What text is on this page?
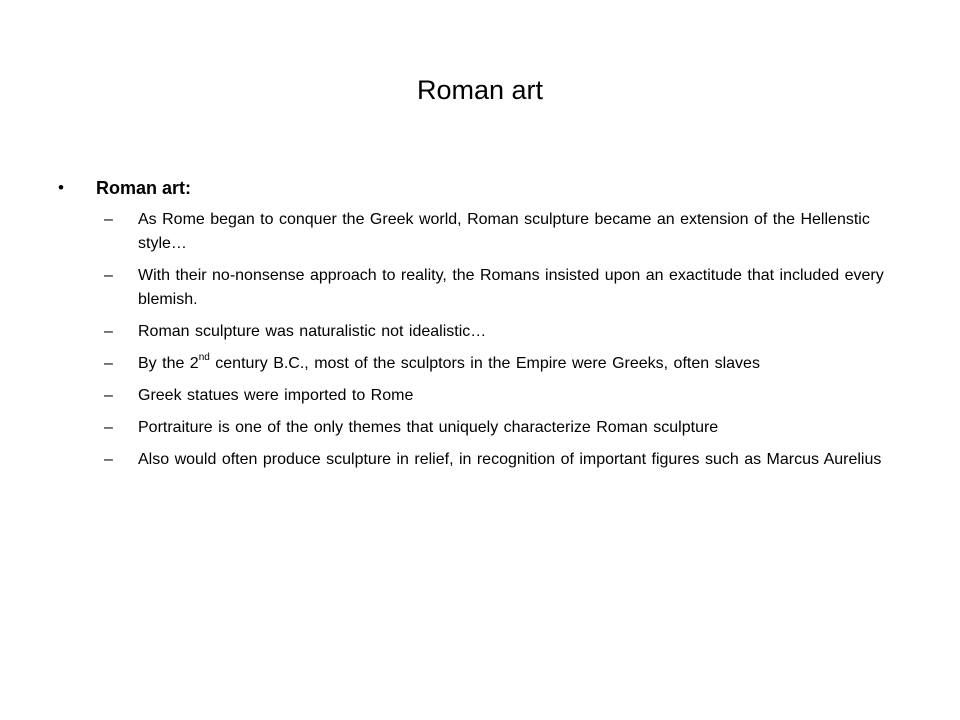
Roman art
•	Roman art:
–	As Rome began to conquer the Greek world, Roman sculpture became an extension of the Hellenstic style…
–	With their no-nonsense approach to reality, the Romans insisted upon an exactitude that included every blemish.
–	Roman sculpture was naturalistic not idealistic…
–	By the 2nd century B.C., most of the sculptors in the Empire were Greeks, often slaves
–	Greek statues were imported to Rome
–	Portraiture is one of the only themes that uniquely characterize Roman sculpture
–	Also would often produce sculpture in relief, in recognition of important figures such as Marcus Aurelius
